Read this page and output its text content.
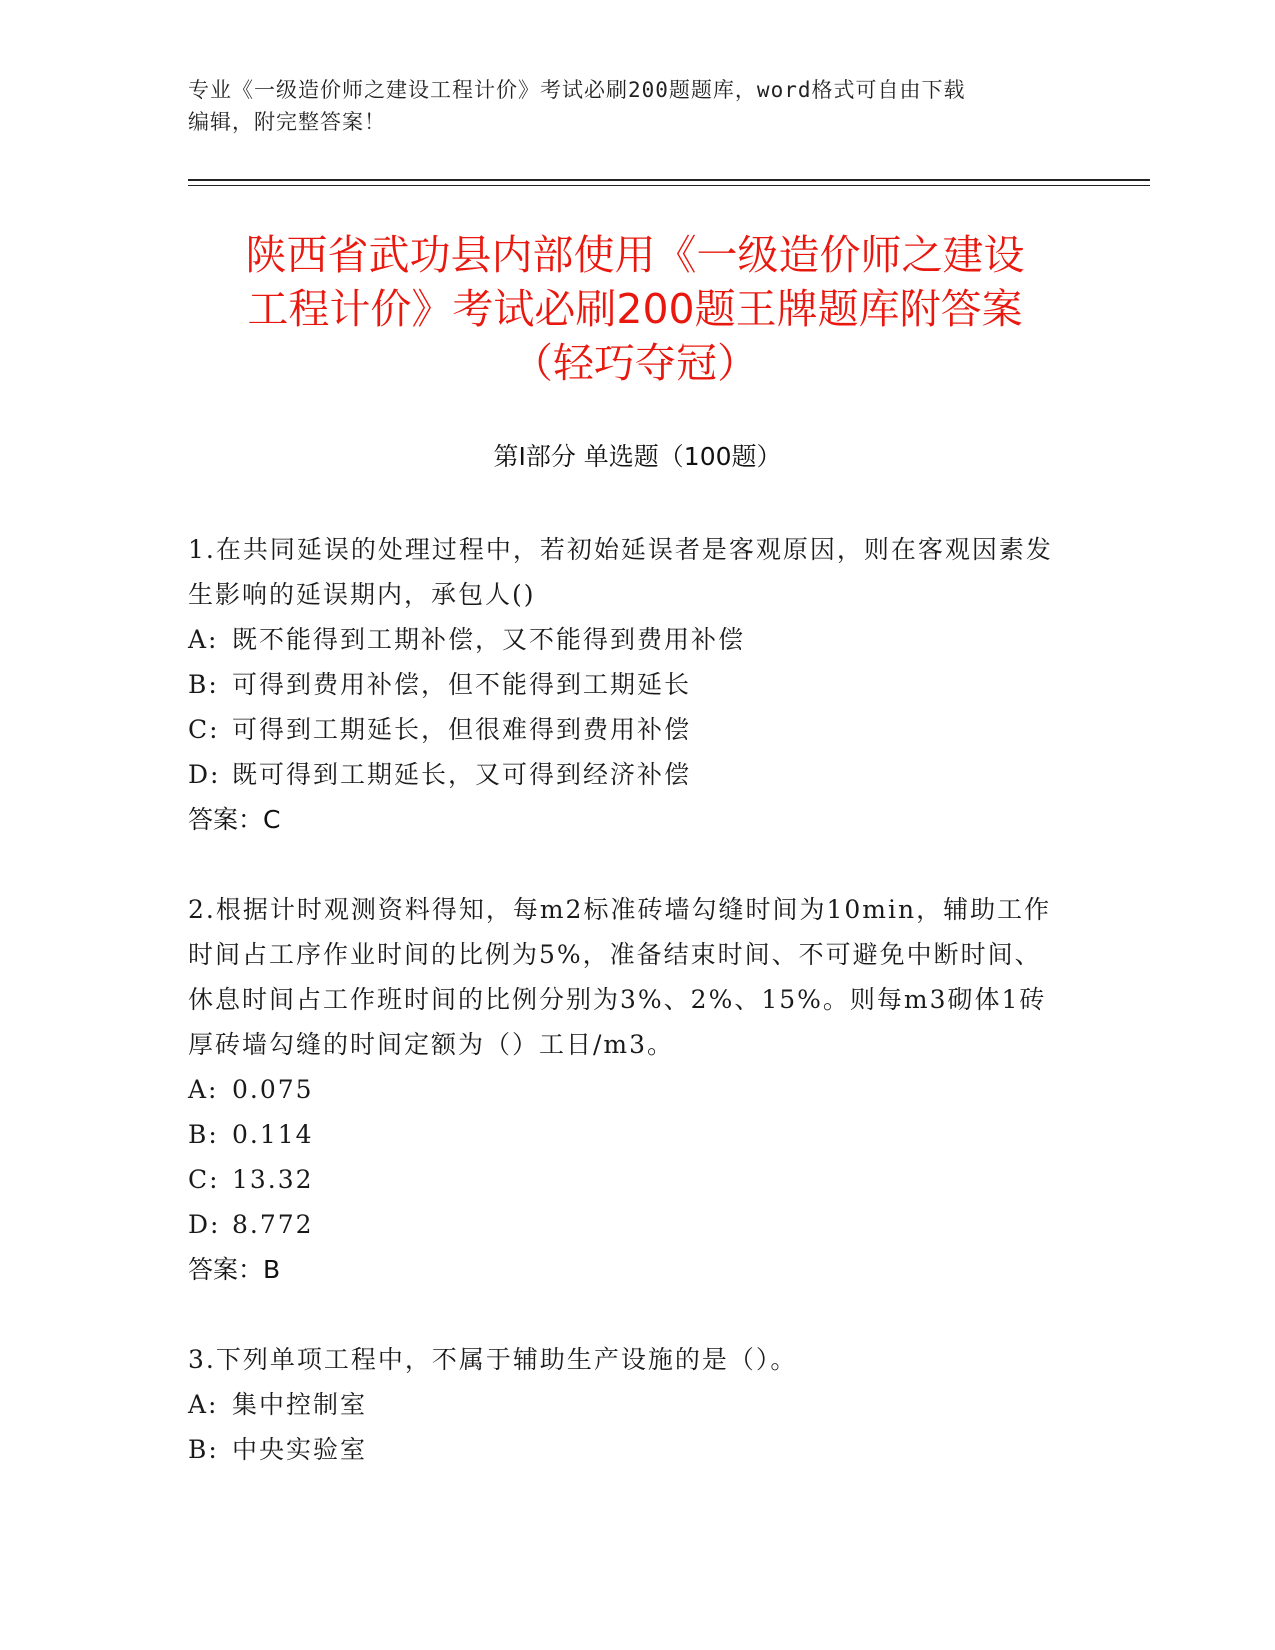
专业《一级造价师之建设工程计价》考试必刷200题题库，word格式可自由下载
编辑，附完整答案！
陕西省武功县内部使用《一级造价师之建设
工程计价》考试必刷200题王牌题库附答案
（轻巧夺冠）
第I部分 单选题（100题）
1.在共同延误的处理过程中，若初始延误者是客观原因，则在客观因素发生影响的延误期内，承包人()
A: 既不能得到工期补偿，又不能得到费用补偿
B: 可得到费用补偿，但不能得到工期延长
C: 可得到工期延长，但很难得到费用补偿
D: 既可得到工期延长，又可得到经济补偿
答案：C
2.根据计时观测资料得知，每m2标准砖墙勾缝时间为10min，辅助工作时间占工序作业时间的比例为5%，准备结束时间、不可避免中断时间、休息时间占工作班时间的比例分别为3%、2%、15%。则每m3砌体1砖厚砖墙勾缝的时间定额为（）工日/m3。
A: 0.075
B: 0.114
C: 13.32
D: 8.772
答案：B
3.下列单项工程中，不属于辅助生产设施的是（）。
A: 集中控制室
B: 中央实验室
